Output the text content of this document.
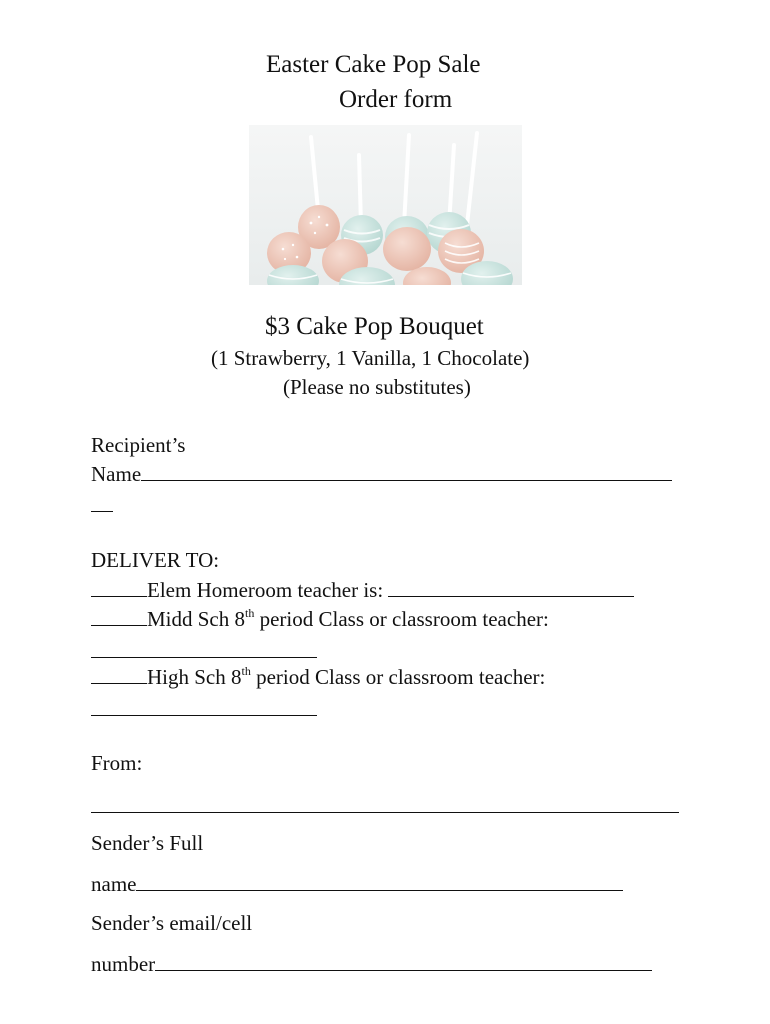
Easter Cake Pop Sale
Order form
$3 Cake Pop Bouquet
(1 Strawberry, 1 Vanilla, 1 Chocolate)
(Please no substitutes)
Recipient’s
Name
DELIVER TO:
Elem Homeroom teacher is:
Midd Sch 8th period Class or classroom teacher:
High Sch 8th period Class or classroom teacher:
From:
Sender’s Full
name
Sender’s email/cell
number
